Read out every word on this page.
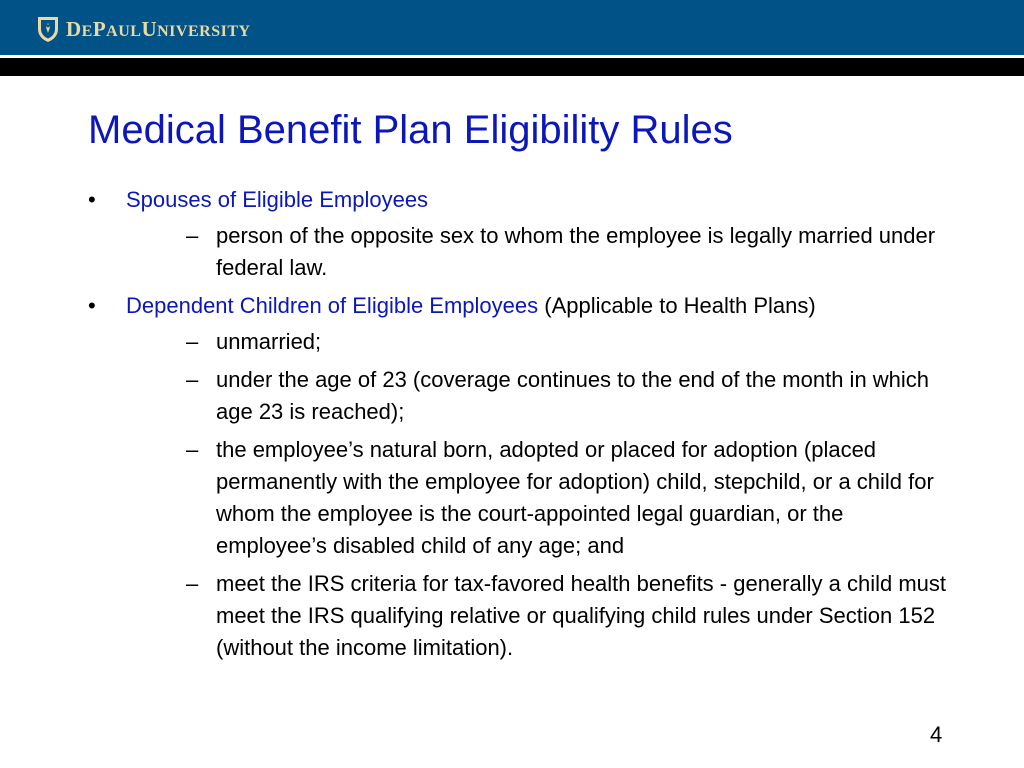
DEPAULUNIVERSITY
Medical Benefit Plan Eligibility Rules
• Spouses of Eligible Employees
– person of the opposite sex to whom the employee is legally married under federal law.
• Dependent Children of Eligible Employees (Applicable to Health Plans)
– unmarried;
– under the age of 23 (coverage continues to the end of the month in which age 23 is reached);
– the employee’s natural born, adopted or placed for adoption (placed permanently with the employee for adoption) child, stepchild, or a child for whom the employee is the court-appointed legal guardian, or the employee’s disabled child of any age; and
– meet the IRS criteria for tax-favored health benefits - generally a child must meet the IRS qualifying relative or qualifying child rules under Section 152 (without the income limitation).
4
